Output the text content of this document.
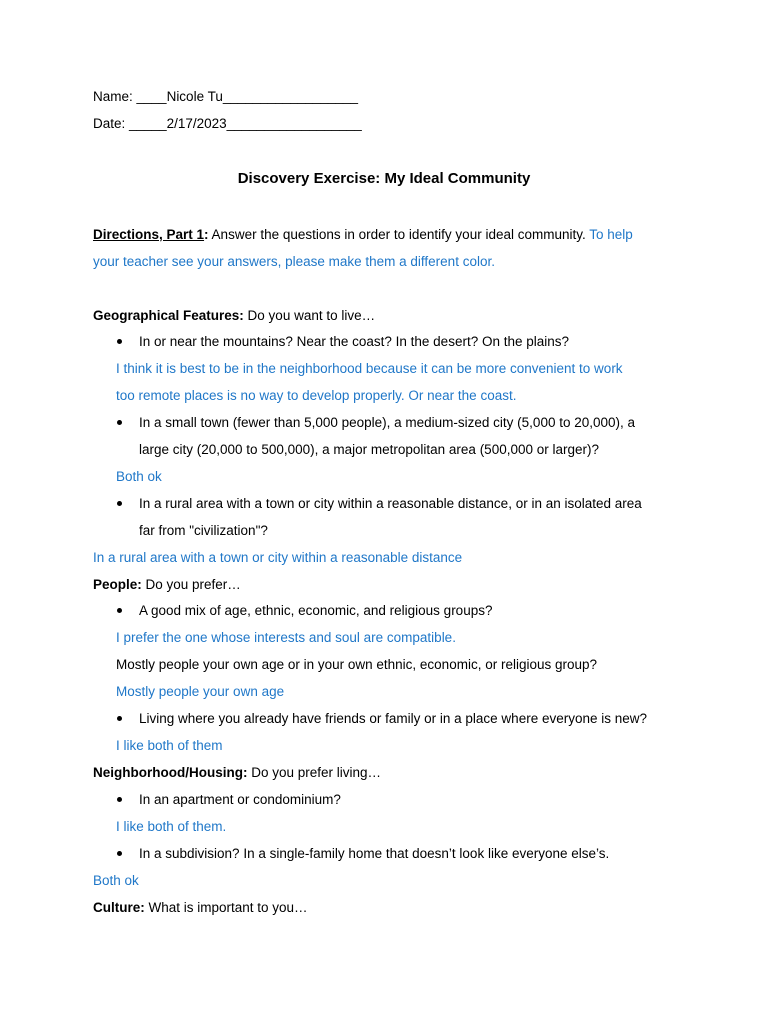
Name: ____Nicole Tu__________________
Date: _____2/17/2023__________________
Discovery Exercise: My Ideal Community
Directions, Part 1: Answer the questions in order to identify your ideal community. To help
your teacher see your answers, please make them a different color.
Geographical Features: Do you want to live…
In or near the mountains? Near the coast? In the desert? On the plains?
I think it is best to be in the neighborhood because it can be more convenient to work
too remote places is no way to develop properly. Or near the coast.
In a small town (fewer than 5,000 people), a medium-sized city (5,000 to 20,000), a
large city (20,000 to 500,000), a major metropolitan area (500,000 or larger)?
Both ok
In a rural area with a town or city within a reasonable distance, or in an isolated area
far from "civilization"?
In a rural area with a town or city within a reasonable distance
People: Do you prefer…
A good mix of age, ethnic, economic, and religious groups?
I prefer the one whose interests and soul are compatible.
Mostly people your own age or in your own ethnic, economic, or religious group?
Mostly people your own age
Living where you already have friends or family or in a place where everyone is new?
I like both of them
Neighborhood/Housing: Do you prefer living…
In an apartment or condominium?
I like both of them.
In a subdivision? In a single-family home that doesn’t look like everyone else’s.
Both ok
Culture: What is important to you…
